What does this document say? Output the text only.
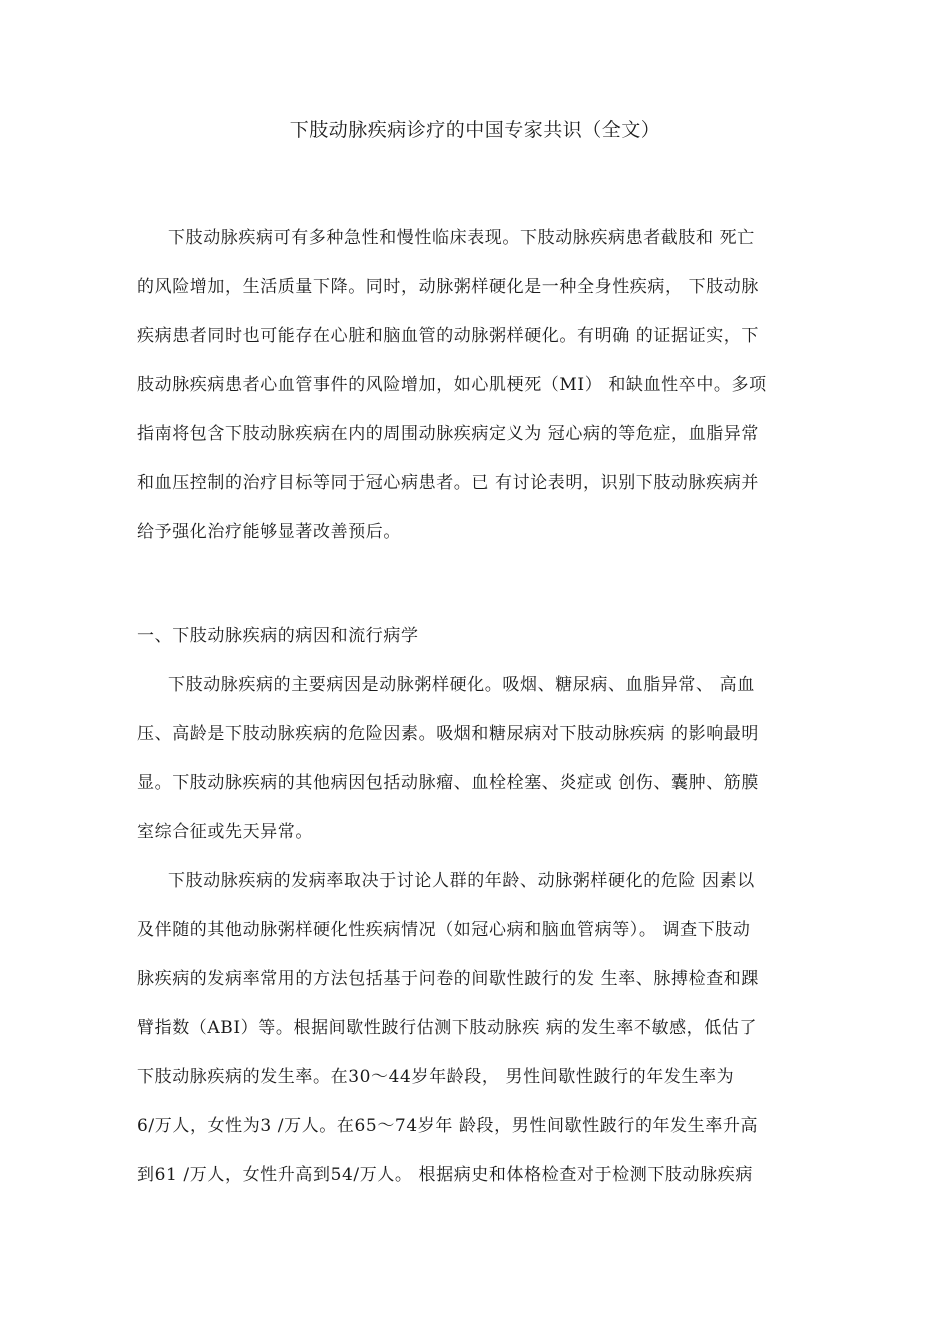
下肢动脉疾病诊疗的中国专家共识（全文）
下肢动脉疾病可有多种急性和慢性临床表现。下肢动脉疾病患者截肢和 死亡
的风险增加，生活质量下降。同时，动脉粥样硬化是一种全身性疾病， 下肢动脉
疾病患者同时也可能存在心脏和脑血管的动脉粥样硬化。有明确 的证据证实，下
肢动脉疾病患者心血管事件的风险增加，如心肌梗死（MI） 和缺血性卒中。多项
指南将包含下肢动脉疾病在内的周围动脉疾病定义为 冠心病的等危症，血脂异常
和血压控制的治疗目标等同于冠心病患者。已 有讨论表明，识别下肢动脉疾病并
给予强化治疗能够显著改善预后。
一、下肢动脉疾病的病因和流行病学
下肢动脉疾病的主要病因是动脉粥样硬化。吸烟、糖尿病、血脂异常、 高血
压、高龄是下肢动脉疾病的危险因素。吸烟和糖尿病对下肢动脉疾病 的影响最明
显。下肢动脉疾病的其他病因包括动脉瘤、血栓栓塞、炎症或 创伤、囊肿、筋膜
室综合征或先天异常。
下肢动脉疾病的发病率取决于讨论人群的年龄、动脉粥样硬化的危险 因素以
及伴随的其他动脉粥样硬化性疾病情况（如冠心病和脑血管病等）。 调查下肢动
脉疾病的发病率常用的方法包括基于问卷的间歇性跛行的发 生率、脉搏检查和踝
臂指数（ABI）等。根据间歇性跛行估测下肢动脉疾 病的发生率不敏感，低估了
下肢动脉疾病的发生率。在30〜44岁年龄段， 男性间歇性跛行的年发生率为
6/万人，女性为3 /万人。在65〜74岁年 龄段，男性间歇性跛行的年发生率升高
到61 /万人，女性升高到54/万人。 根据病史和体格检查对于检测下肢动脉疾病
